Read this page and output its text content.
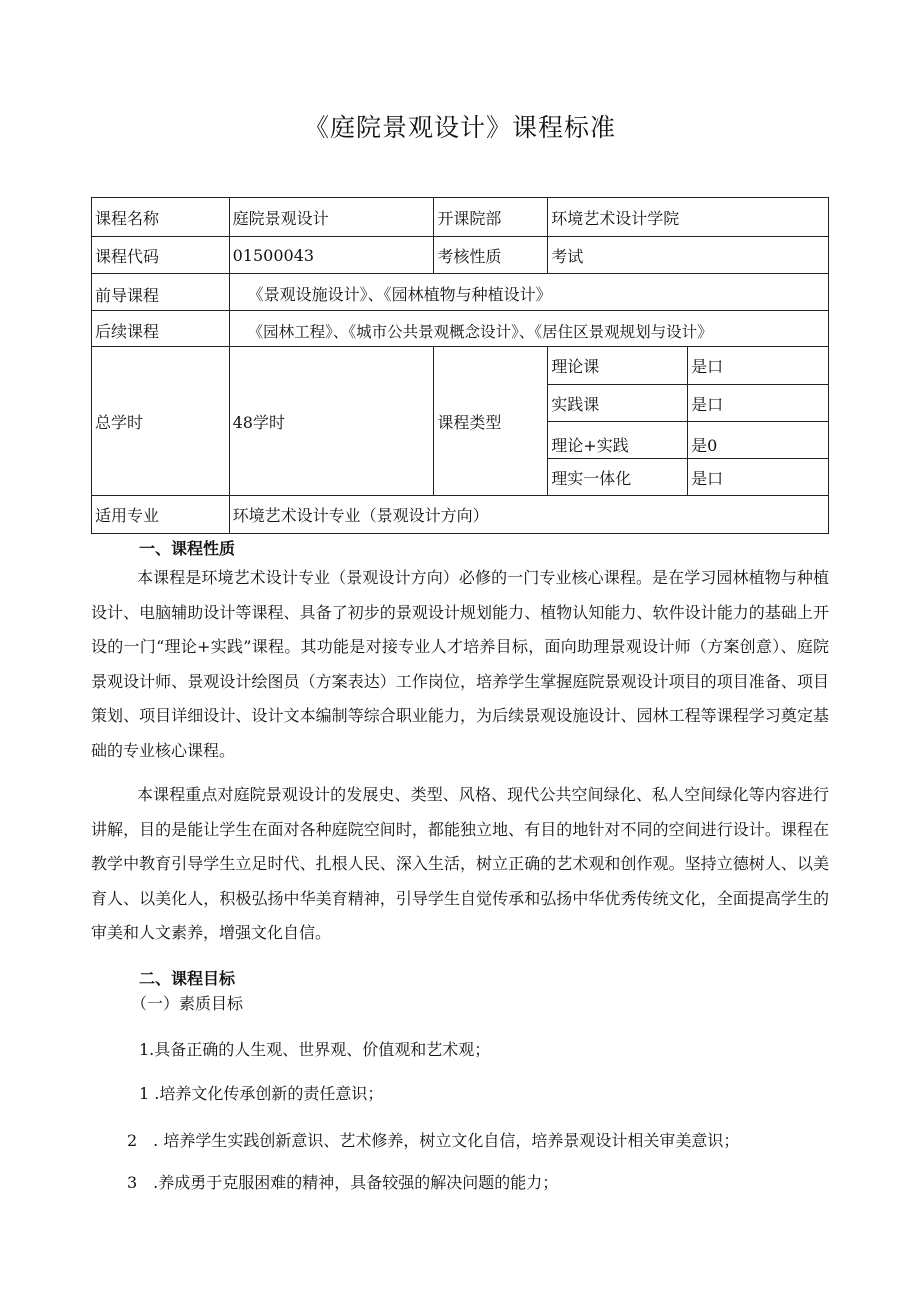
《庭院景观设计》课程标准
课程名称	庭院景观设计	开课院部	环境艺术设计学院	
课程代码	01500043	考核性质	考试	
前导课程	《景观设施设计》、《园林植物与种植设计》			
后续课程	《园林工程》、《城市公共景观概念设计》、《居住区景观规划与设计》			
总学时	48学时	课程类型	理论课	是口
			实践课	是口
			理论+实践	是0
			理实一体化	是口
适用专业	环境艺术设计专业（景观设计方向）			
一、课程性质

本课程是环境艺术设计专业（景观设计方向）必修的一门专业核心课程。是在学习园林植物与种植设计、电脑辅助设计等课程、具备了初步的景观设计规划能力、植物认知能力、软件设计能力的基础上开设的一门“理论+实践”课程。其功能是对接专业人才培养目标，面向助理景观设计师（方案创意）、庭院景观设计师、景观设计绘图员（方案表达）工作岗位，培养学生掌握庭院景观设计项目的项目准备、项目策划、项目详细设计、设计文本编制等综合职业能力，为后续景观设施设计、园林工程等课程学习奠定基础的专业核心课程。

本课程重点对庭院景观设计的发展史、类型、风格、现代公共空间绿化、私人空间绿化等内容进行讲解，目的是能让学生在面对各种庭院空间时，都能独立地、有目的地针对不同的空间进行设计。课程在教学中教育引导学生立足时代、扎根人民、深入生活，树立正确的艺术观和创作观。坚持立德树人、以美育人、以美化人，积极弘扬中华美育精神，引导学生自觉传承和弘扬中华优秀传统文化，全面提高学生的审美和人文素养，增强文化自信。

二、课程目标
（一）素质目标
1.具备正确的人生观、世界观、价值观和艺术观；
1 .培养文化传承创新的责任意识；
2　. 培养学生实践创新意识、艺术修养，树立文化自信，培养景观设计相关审美意识；
3　.养成勇于克服困难的精神，具备较强的解决问题的能力；
